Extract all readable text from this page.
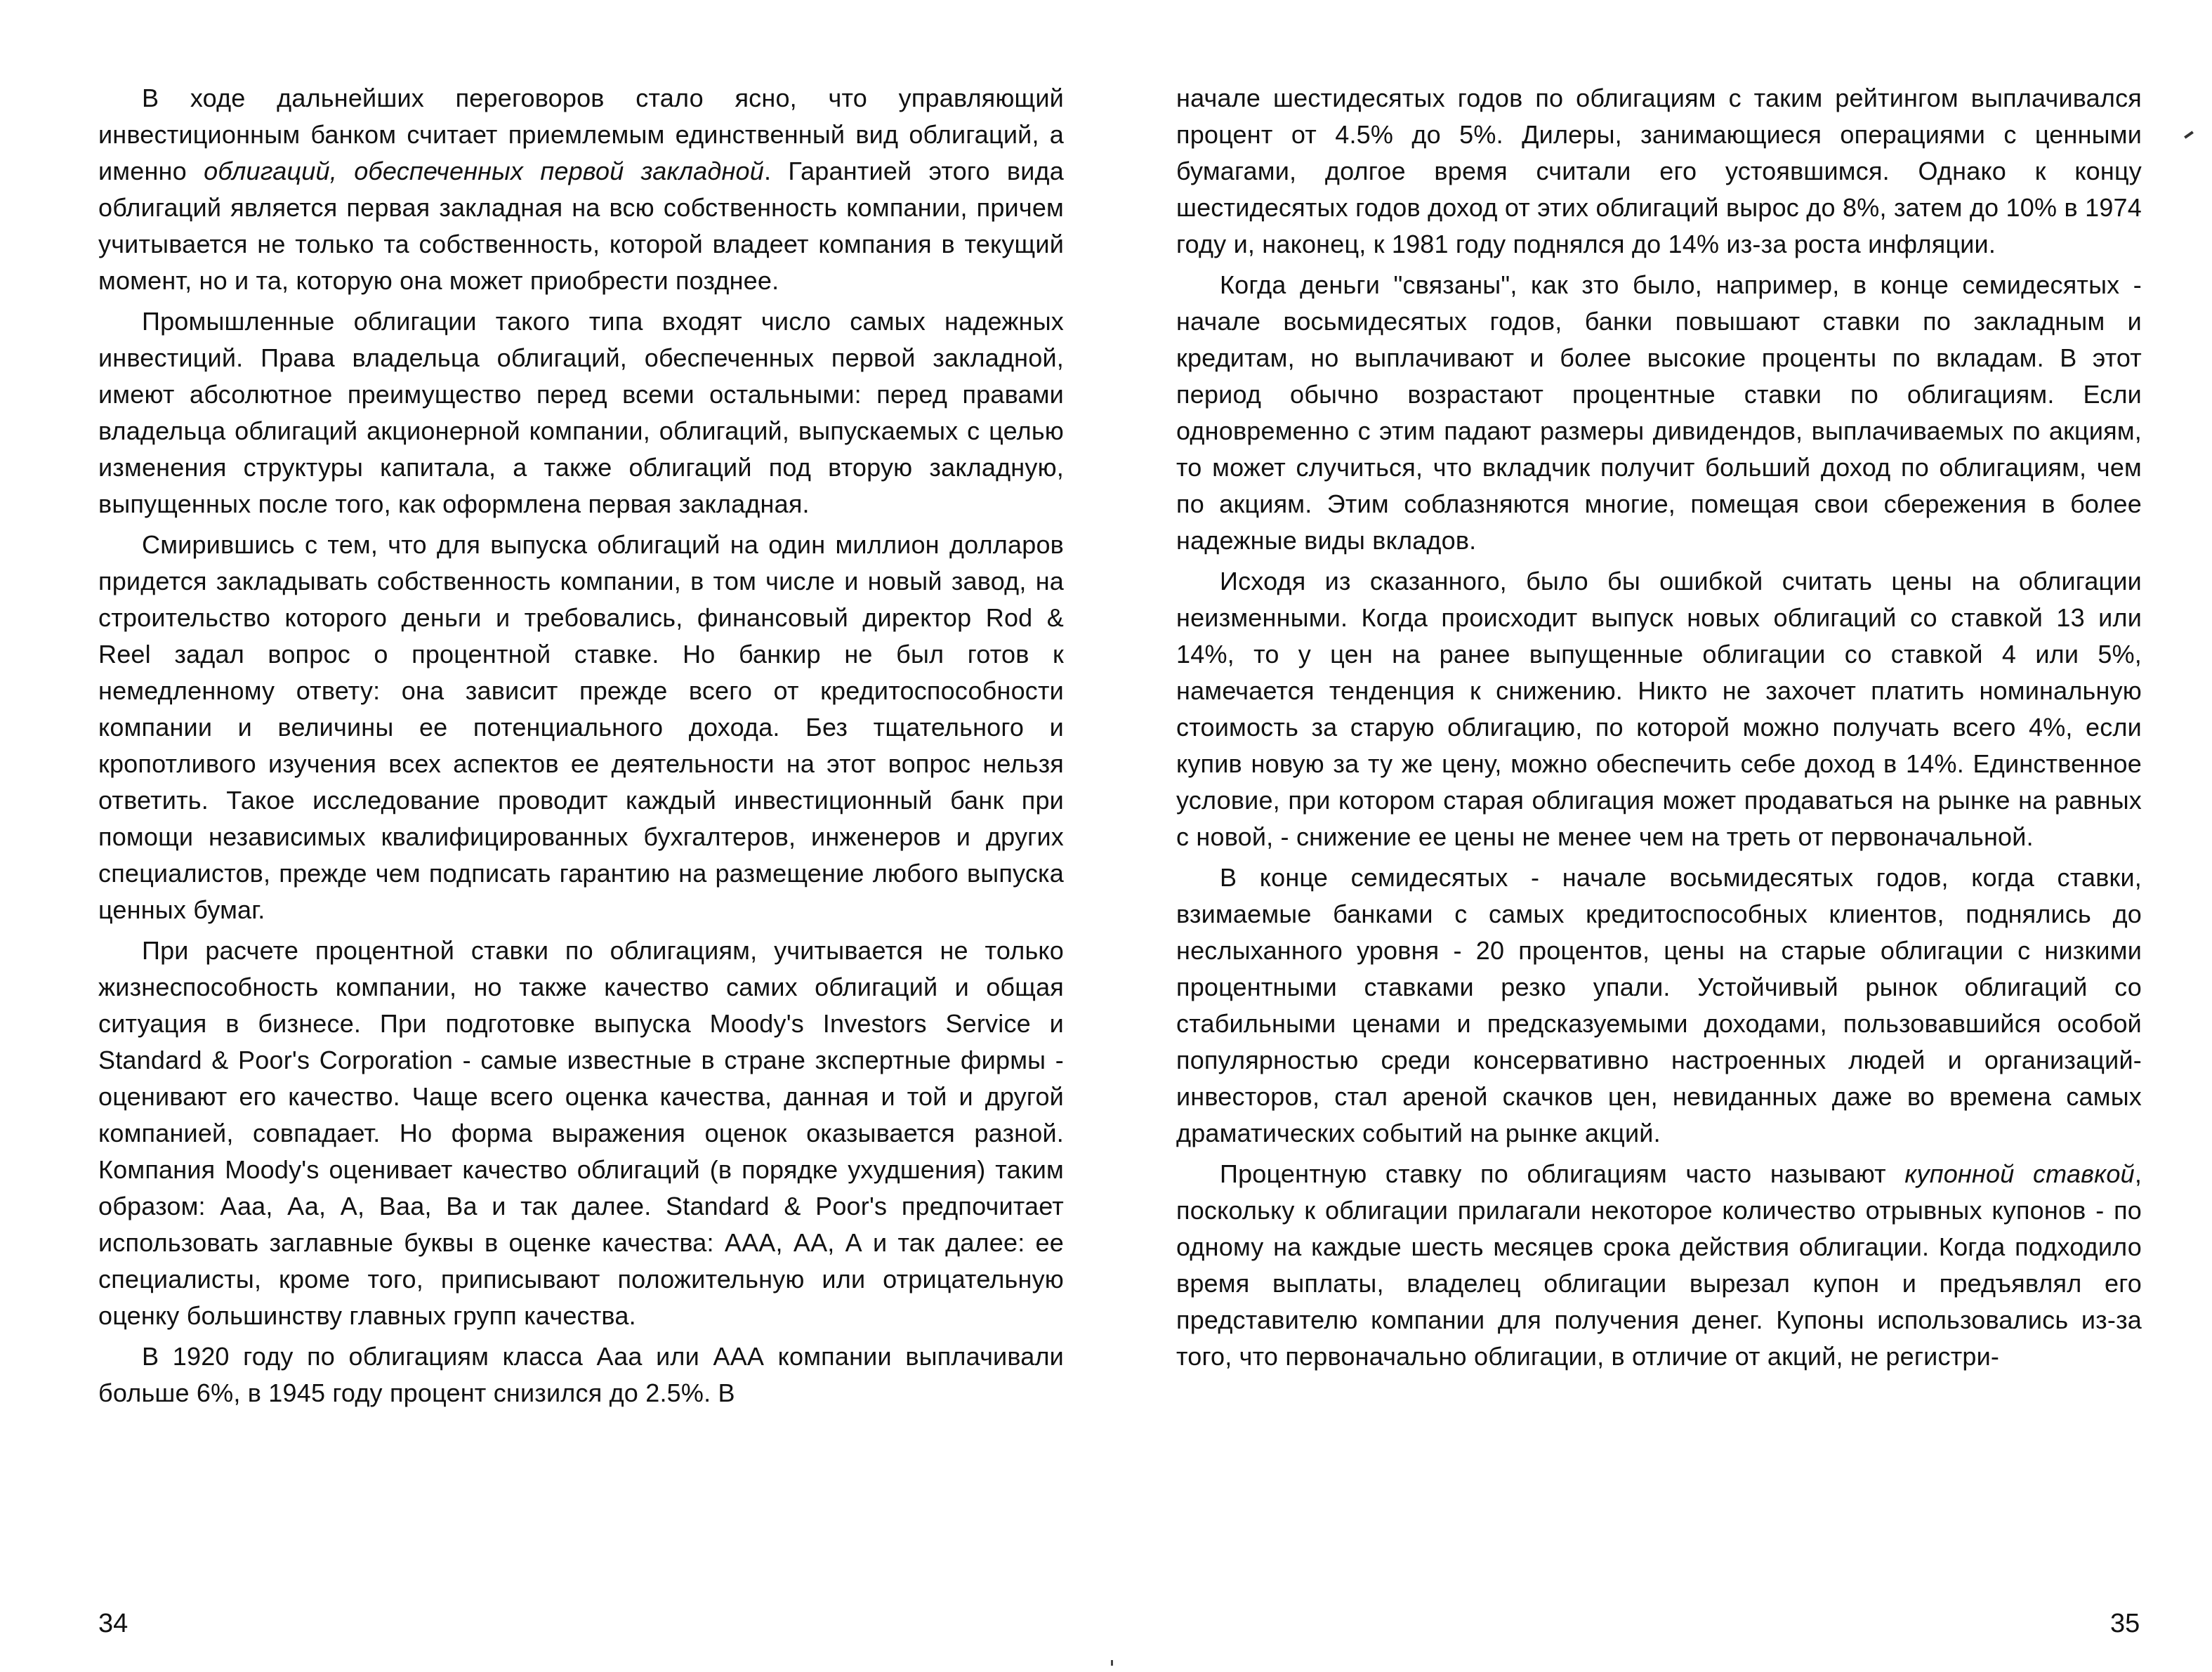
В ходе дальнейших переговоров стало ясно, что управляющий инвестиционным банком считает приемлемым единственный вид облигаций, а именно облигаций, обеспеченных первой закладной. Гарантией этого вида облигаций является первая закладная на всю собственность компании, причем учитывается не только та собственность, которой владеет компания в текущий момент, но и та, которую она может приобрести позднее.

Промышленные облигации такого типа входят число самых надежных инвестиций. Права владельца облигаций, обеспеченных первой закладной, имеют абсолютное преимущество перед всеми остальными: перед правами владельца облигаций акционерной компании, облигаций, выпускаемых с целью изменения структуры капитала, а также облигаций под вторую закладную, выпущенных после того, как оформлена первая закладная.

Смирившись с тем, что для выпуска облигаций на один миллион долларов придется закладывать собственность компании, в том числе и новый завод, на строительство которого деньги и требовались, финансовый директор Rod & Reel задал вопрос о процентной ставке. Но банкир не был готов к немедленному ответу: она зависит прежде всего от кредитоспособности компании и величины ее потенциального дохода. Без тщательного и кропотливого изучения всех аспектов ее деятельности на этот вопрос нельзя ответить. Такое исследование проводит каждый инвестиционный банк при помощи независимых квалифицированных бухгалтеров, инженеров и других специалистов, прежде чем подписать гарантию на размещение любого выпуска ценных бумаг.

При расчете процентной ставки по облигациям, учитывается не только жизнеспособность компании, но также качество самих облигаций и общая ситуация в бизнесе. При подготовке выпуска Moody's Investors Service и Standard & Poor's Corporation - самые известные в стране зкспертные фирмы - оценивают его качество. Чаще всего оценка качества, данная и той и другой компанией, совпадает. Но форма выражения оценок оказывается разной. Компания Moody's оценивает качество облигаций (в порядке ухудшения) таким образом: Ааа, Аа, А, Ваа, Ва и так далее. Standard & Poor's предпочитает использовать заглавные буквы в оценке качества: ААА, АА, А и так далее: ее специалисты, кроме того, приписывают положительную или отрицательную оценку большинству главных групп качества.

В 1920 году по облигациям класса Ааа или ААА компании выплачивали больше 6%, в 1945 году процент снизился до 2.5%. В

34

начале шестидесятых годов по облигациям с таким рейтингом выплачивался процент от 4.5% до 5%. Дилеры, занимающиеся операциями с ценными бумагами, долгое время считали его устоявшимся. Однако к концу шестидесятых годов доход от этих облигаций вырос до 8%, затем до 10% в 1974 году и, наконец, к 1981 году поднялся до 14% из-за роста инфляции.

Когда деньги "связаны", как зто было, например, в конце семидесятых - начале восьмидесятых годов, банки повышают ставки по закладным и кредитам, но выплачивают и более высокие проценты по вкладам. В этот период обычно возрастают процентные ставки по облигациям. Если одновременно с этим падают размеры дивидендов, выплачиваемых по акциям, то может случиться, что вкладчик получит больший доход по облигациям, чем по акциям. Этим соблазняются многие, помещая свои сбережения в более надежные виды вкладов.

Исходя из сказанного, было бы ошибкой считать цены на облигации неизменными. Когда происходит выпуск новых облигаций со ставкой 13 или 14%, то у цен на ранее выпущенные облигации со ставкой 4 или 5%, намечается тенденция к снижению. Никто не захочет платить номинальную стоимость за старую облигацию, по которой можно получать всего 4%, если купив новую за ту же цену, можно обеспечить себе доход в 14%. Единственное условие, при котором старая облигация может продаваться на рынке на равных с новой, - снижение ее цены не менее чем на треть от первоначальной.

В конце семидесятых - начале восьмидесятых годов, когда ставки, взимаемые банками с самых кредитоспособных клиентов, поднялись до неслыханного уровня - 20 процентов, цены на старые облигации с низкими процентными ставками резко упали. Устойчивый рынок облигаций со стабильными ценами и предсказуемыми доходами, пользовавшийся особой популярностью среди консервативно настроенных людей и организаций-инвесторов, стал ареной скачков цен, невиданных даже во времена самых драматических событий на рынке акций.

Процентную ставку по облигациям часто называют купонной ставкой, поскольку к облигации прилагали некоторое количество отрывных купонов - по одному на каждые шесть месяцев срока действия облигации. Когда подходило время выплаты, владелец облигации вырезал купон и предъявлял его представителю компании для получения денег. Купоны использовались из-за того, что первоначально облигации, в отличие от акций, не регистри-

35
